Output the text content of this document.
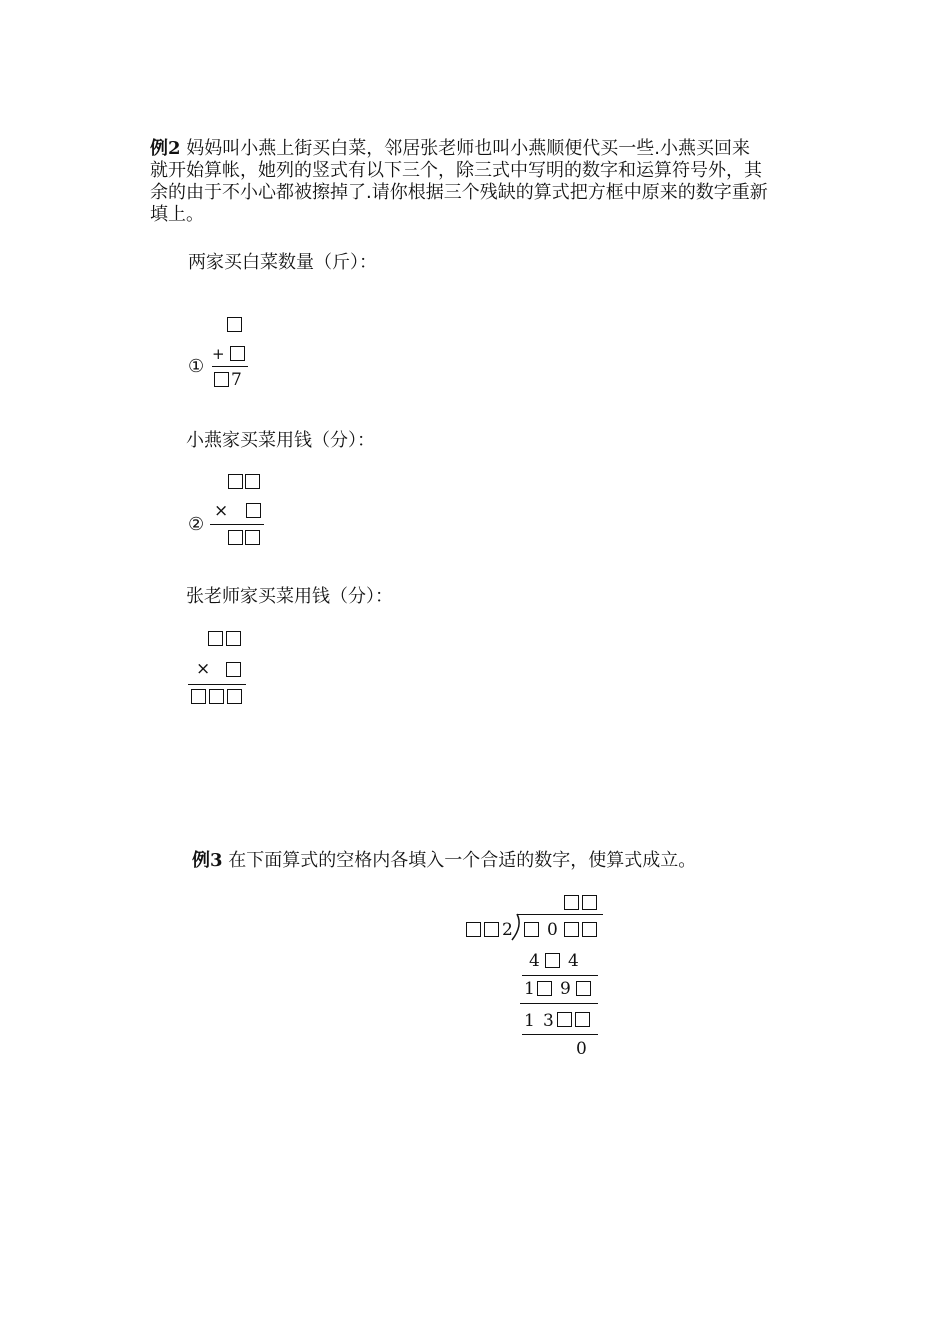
例2 妈妈叫小燕上街买白菜，邻居张老师也叫小燕顺便代买一些.小燕买回来
就开始算帐，她列的竖式有以下三个，除三式中写明的数字和运算符号外，其
余的由于不小心都被擦掉了.请你根据三个残缺的算式把方框中原来的数字重新
填上。
两家买白菜数量（斤）：
+
①
7
小燕家买菜用钱（分）：
×
②
张老师家买菜用钱（分）：
×
例3 在下面算式的空格内各填入一个合适的数字，使算式成立。
2 0
4 4
1 9
1 3
0
